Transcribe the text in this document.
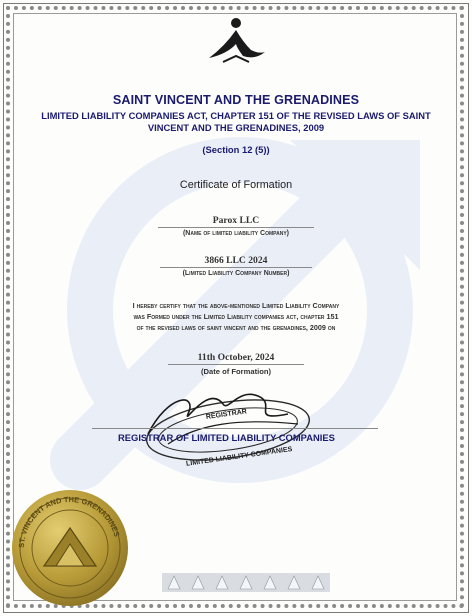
SAINT VINCENT AND THE GRENADINES
LIMITED LIABILITY COMPANIES ACT, CHAPTER 151 OF THE REVISED LAWS OF SAINT
VINCENT AND THE GRENADINES, 2009
(Section 12 (5))
Certificate of Formation
Parox LLC
(Name of limited liability Company)
3866 LLC 2024
(Limited Liability Company Number)
I hereby certify that the above-mentioned Limited Liability Company
was Formed under the Limited Liability companies act, chapter 151
of the revised laws of saint vincent and the grenadines, 2009 on
11th October, 2024
(Date of Formation)
REGISTRAR
LIMITED LIABILITY COMPANIES
REGISTRAR OF LIMITED LIABILITY COMPANIES
ST. VINCENT AND THE GRENADINES
